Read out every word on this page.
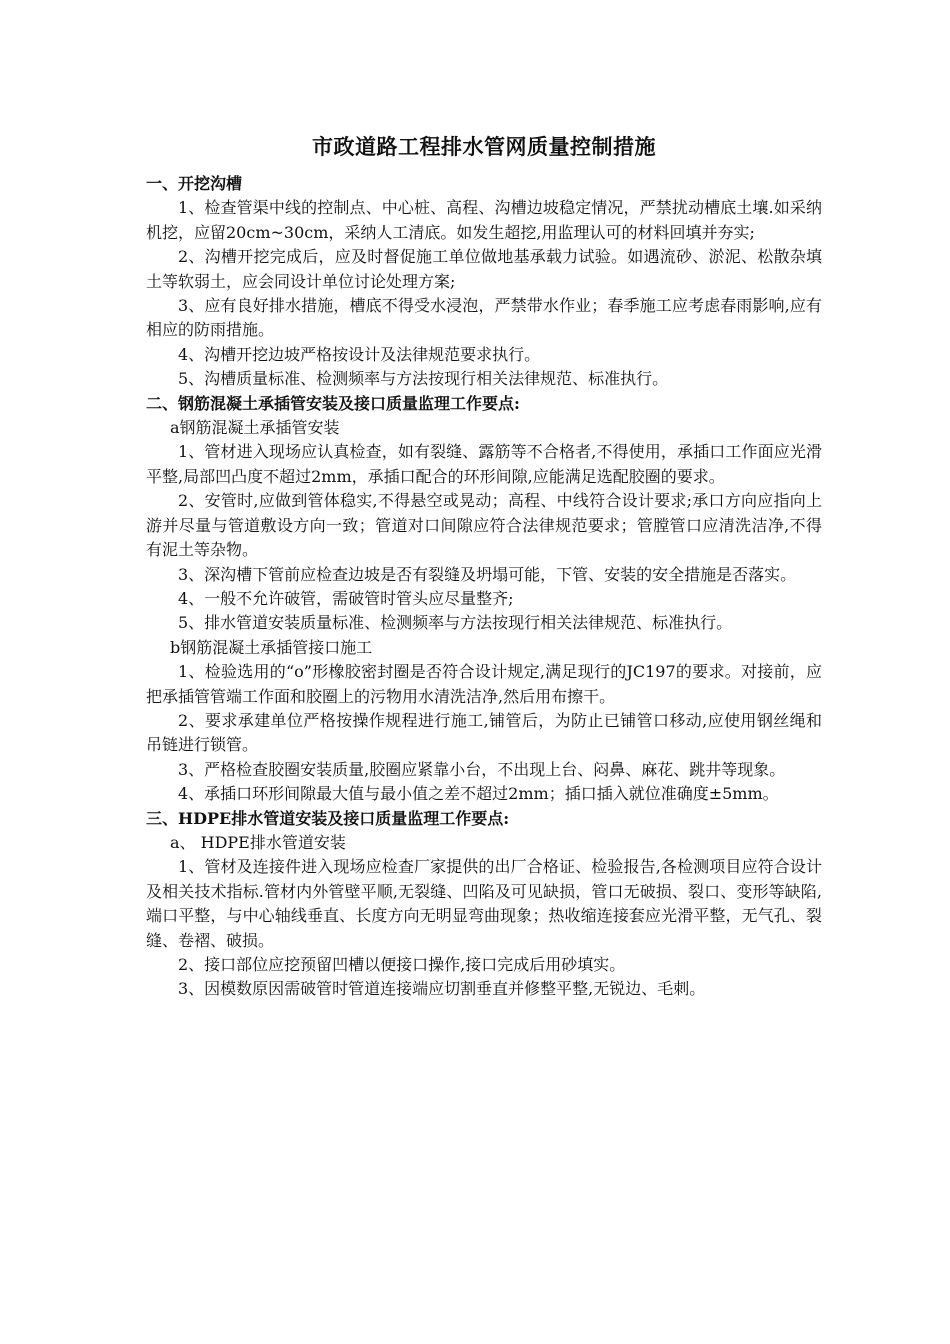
市政道路工程排水管网质量控制措施

一、开挖沟槽

1、检查管渠中线的控制点、中心桩、高程、沟槽边坡稳定情况，严禁扰动槽底土壤.如采纳机挖，应留20cm~30cm，采纳人工清底。如发生超挖,用监理认可的材料回填并夯实;

2、沟槽开挖完成后，应及时督促施工单位做地基承载力试验。如遇流砂、淤泥、松散杂填土等软弱土，应会同设计单位讨论处理方案;

3、应有良好排水措施，槽底不得受水浸泡，严禁带水作业；春季施工应考虑春雨影响,应有相应的防雨措施。

4、沟槽开挖边坡严格按设计及法律规范要求执行。

5、沟槽质量标准、检测频率与方法按现行相关法律规范、标准执行。

二、钢筋混凝土承插管安装及接口质量监理工作要点:

a钢筋混凝土承插管安装

1、管材进入现场应认真检查，如有裂缝、露筋等不合格者,不得使用，承插口工作面应光滑平整,局部凹凸度不超过2mm，承插口配合的环形间隙,应能满足选配胶圈的要求。

2、安管时,应做到管体稳实,不得悬空或晃动；高程、中线符合设计要求;承口方向应指向上游并尽量与管道敷设方向一致；管道对口间隙应符合法律规范要求；管膛管口应清洗洁净,不得有泥土等杂物。

3、深沟槽下管前应检查边坡是否有裂缝及坍塌可能，下管、安装的安全措施是否落实。

4、一般不允许破管，需破管时管头应尽量整齐;

5、排水管道安装质量标准、检测频率与方法按现行相关法律规范、标准执行。

b钢筋混凝土承插管接口施工

1、检验选用的“o”形橡胶密封圈是否符合设计规定,满足现行的JC197的要求。对接前，应把承插管管端工作面和胶圈上的污物用水清洗洁净,然后用布擦干。

2、要求承建单位严格按操作规程进行施工,铺管后，为防止已铺管口移动,应使用钢丝绳和吊链进行锁管。

3、严格检查胶圈安装质量,胶圈应紧靠小台，不出现上台、闷鼻、麻花、跳井等现象。

4、承插口环形间隙最大值与最小值之差不超过2mm；插口插入就位准确度±5mm。

三、HDPE排水管道安装及接口质量监理工作要点:

a、 HDPE排水管道安装

1、管材及连接件进入现场应检查厂家提供的出厂合格证、检验报告,各检测项目应符合设计及相关技术指标.管材内外管壁平顺,无裂缝、凹陷及可见缺损，管口无破损、裂口、变形等缺陷,端口平整，与中心轴线垂直、长度方向无明显弯曲现象；热收缩连接套应光滑平整，无气孔、裂缝、卷褶、破损。

2、接口部位应挖预留凹槽以便接口操作,接口完成后用砂填实。

3、因模数原因需破管时管道连接端应切割垂直并修整平整,无锐边、毛刺。
